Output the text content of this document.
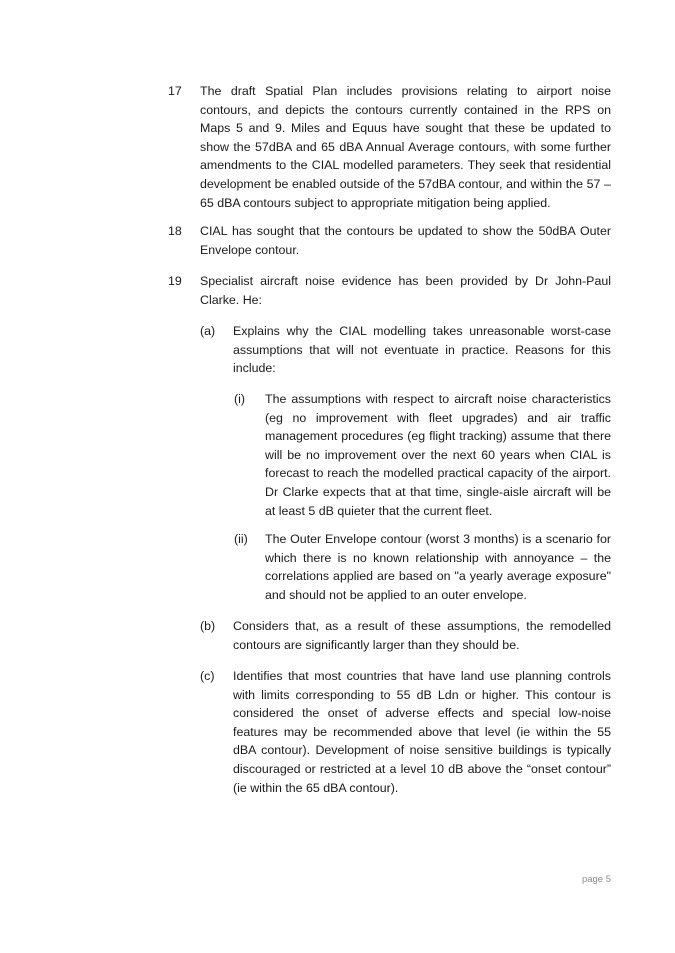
17 The draft Spatial Plan includes provisions relating to airport noise contours, and depicts the contours currently contained in the RPS on Maps 5 and 9. Miles and Equus have sought that these be updated to show the 57dBA and 65 dBA Annual Average contours, with some further amendments to the CIAL modelled parameters. They seek that residential development be enabled outside of the 57dBA contour, and within the 57 – 65 dBA contours subject to appropriate mitigation being applied.
18 CIAL has sought that the contours be updated to show the 50dBA Outer Envelope contour.
19 Specialist aircraft noise evidence has been provided by Dr John-Paul Clarke. He:
(a) Explains why the CIAL modelling takes unreasonable worst-case assumptions that will not eventuate in practice. Reasons for this include:
(i) The assumptions with respect to aircraft noise characteristics (eg no improvement with fleet upgrades) and air traffic management procedures (eg flight tracking) assume that there will be no improvement over the next 60 years when CIAL is forecast to reach the modelled practical capacity of the airport. Dr Clarke expects that at that time, single-aisle aircraft will be at least 5 dB quieter that the current fleet.
(ii) The Outer Envelope contour (worst 3 months) is a scenario for which there is no known relationship with annoyance – the correlations applied are based on "a yearly average exposure" and should not be applied to an outer envelope.
(b) Considers that, as a result of these assumptions, the remodelled contours are significantly larger than they should be.
(c) Identifies that most countries that have land use planning controls with limits corresponding to 55 dB Ldn or higher. This contour is considered the onset of adverse effects and special low-noise features may be recommended above that level (ie within the 55 dBA contour). Development of noise sensitive buildings is typically discouraged or restricted at a level 10 dB above the “onset contour” (ie within the 65 dBA contour).
page 5
